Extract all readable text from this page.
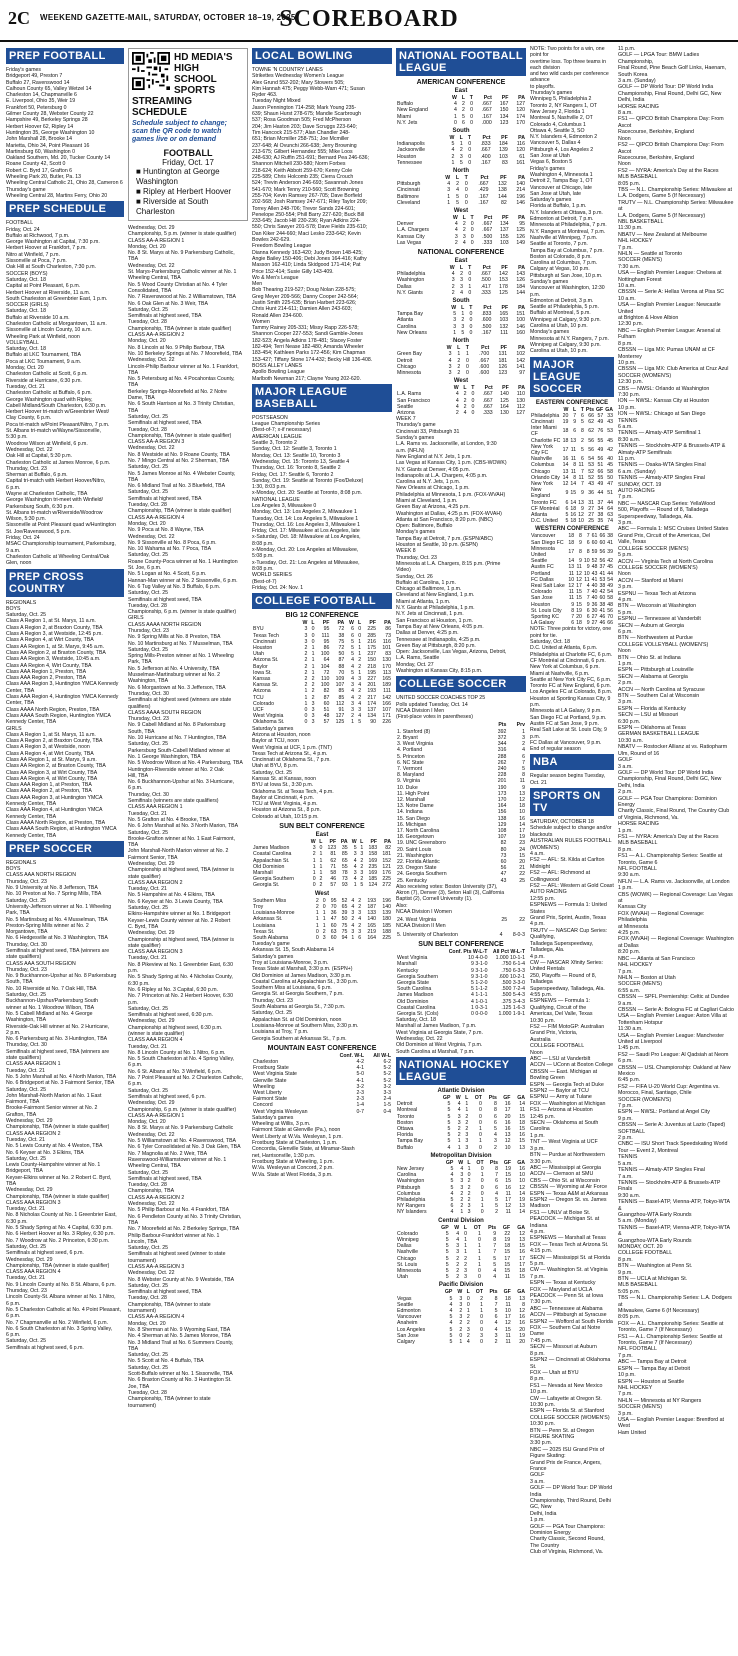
2C WEEKEND GAZETTE-MAIL, SATURDAY, OCTOBER 18–19, 2025
SCOREBOARD
PREP FOOTBALL
Friday's games
Bridgeport 49, Preston 7
Buffalo 27, Ravenswood 14
Calhoun County 65, Valley Wetzel 14
Charleston 14, Chapmanville 6
E. Liverpool, Ohio 35, Weir 19
Frankfort 50, Petersburg 0
Gilmer County 28, Webster County 22
Hampshire 49, Berkeley Springs 28
Herbert Hoover 62, Ripley 14
Huntington 35, George Washington 10
John Marshall 28, Brooke 14
Marietta, Ohio 34, Point Pleasant 16
Martinsburg 60, Washington 0
Oakland Southern, Md. 20, Tucker County 14
Roane County 42, Scott 0
Robert C. Byrd 17, Grafton 6
Wheeling Park 20, Butler, Pa. 13
Wheeling Central Catholic 21, Ohio 28, Cameron 6
Thursday's game
Wheeling Central 28, Martins Ferry, Ohio 20
PREP SCHEDULE
FOOTBALL
Friday, Oct. 24
Buffalo at Richwood, 7 p.m.
George Washington at Capital, 7:30 p.m.
Herbert Hoover at Frankfort, 7 p.m.
Nitro at Winfield, 7 p.m.
Sissonville at Poca, 7 p.m.
Oak Hill at South Charleston, 7:30 p.m.
SOCCER (BOYS)
Saturday, Oct. 18
Capital at Point Pleasant, 6 p.m.
Herbert Hoover at Riverside, 11 a.m.
South Charleston at Greenbrier East, 1 p.m.
SOCCER (GIRLS)
Saturday, Oct. 18
Buffalo at Riverside 10 a.m.
Charleston Catholic at Morgantown, 11 a.m.
Sissonville at Lincoln County, 10 a.m.
Wheeling Park at Winfield, noon
VOLLEYBALL
Saturday, Oct. 18
Buffalo at LKC Tournament, TBA
Poca at LKC Tournament, 9 a.m.
Monday, Oct. 20
Charleston Catholic at Scott, 6 p.m.
Riverside at Hurricane, 6:30 p.m.
Tuesday, Oct. 21
Charleston Catholic at Buffalo, 6 p.m.
George Washington quad with Ripley,
Cabell Midland/South Charleston, 6:30 p.m.
Herbert Hoover tri-match w/Greenbrier West/
Clay County, 6 p.m.
Poca tri-match w/Point Pleasant/Nitro, 7 p.m.
St. Albans tri-match w/Wayne/Sissonville,
5:30 p.m.
Woodrow Wilson at Winfield, 6 p.m.
Wednesday, Oct. 22
Oak Hill at Capital, 5:30 p.m.
Charleston Catholic at James Monroe, 6 p.m.
Thursday, Oct. 23
Sherman at Buffalo, 6 p.m.
Capital tri-match with Herbert Hoover/Nitro,
6 p.m.
Wayne at Charleston Catholic, TBA
George Washington tri-meet with Winfield/
Parkersburg South, 6:30 p.m.
St. Albans tri-match w/Riverside/Woodrow
Wilson, 5:30 p.m.
Sissonville at Point Pleasant quad w/Huntington
St. Joe/Ravenswood, 5 p.m.
Friday, Oct. 24
MSAC Championship tournament, Parkersburg,
9 a.m.
Charleston Catholic at Wheeling Central/Oak
Glen, noon
PREP CROSS COUNTRY
REGIONALS
BOYS
Saturday, Oct. 25
Class A Region 1, at St. Marys, 11 a.m.
Class A Region 2, at Braxton County, TBA
Class A Region 3, at Westside, 12:45 p.m.
Class A Region 4, at Wirt County, TBA
Class AA Region 1, at St. Marys, 9:45 a.m.
Class AA Region 2, at Braxton County, TBA
Class AA Region 3, Westside, 10:45 a.m.
Class AA Region 4, Wirt County, TBA
Class AAA Region 1, Preston, TBA
Class AAA Region 2, Preston, TBA
Class AAA Region 3, Huntington YMCA Kennedy
Center, TBA
Class AAA Region 4, Huntington YMCA Kennedy
Center, TBA
Class AAAA North Region, Preston, TBA
Class AAAA South Region, Huntington YMCA
Kennedy Center, TBA
GIRLS
Class A Region 1, at St. Marys, 11 a.m.
Class A Region 2, at Braxton County, TBA
Class A Region 3, at Westside, noon
Class A Region 4, at Wirt County, TBA
Class AA Region 1, at St. Marys, 9 a.m.
Class AA Region 2, at Braxton County, TBA
Class AA Region 3, at Wirt County, TBA
Class AA Region 4, at Wirt County, TBA
Class AAA Region 1, at Preston, TBA
Class AAA Region 2, at Preston, TBA
Class AAA Region 3, at Huntington YMCA
Kennedy Center, TBA
Class AAA Region 4, at Huntington YMCA
Kennedy Center, TBA
Class AAAA North Region, at Preston, TBA
Class AAAA South Region, at Huntington YMCA
Kennedy Center, TBA
PREP SOCCER
REGIONALS
BOYS
CLASS AAA NORTH REGION
Thursday, Oct. 23
No. 9 University at No. 8 Jefferson, TBA
No. 10 Preston at No. 7 Spring Mills, TBA
Saturday, Oct. 25
University-Jefferson winner at No. 1 Wheeling
Park, TBA
No. 5 Martinsburg at No. 4 Musselman, TBA
Preston-Spring Mills winner at No. 2
Morgantown, TBA
No. 6 Hedgesville at No. 3 Washington, TBA
Thursday, Oct. 30
Semifinals at highest seed, TBA (winners are
state qualifiers)
CLASS AAA SOUTH REGION
Thursday, Oct. 23
No. 9 Buckhannon-Upshur at No. 8 Parkersburg
South, TBA
No. 10 Riverside at No. 7 Oak Hill, TBA
Saturday, Oct. 25
Buckhannon-Upshur/Parkersburg South
winner at No. 1 Woodrow Wilson, TBA
No. 5 Cabell Midland at No. 4 George
Washington, TBA
Riverside-Oak Hill winner at No. 2 Hurricane,
2 p.m.
No. 6 Parkersburg at No. 3 Huntington, TBA
Thursday, Oct. 30
Semifinals at highest seed, TBA (winners are
state qualifiers)
CLASS AAA REGION 1
Tuesday, Oct. 21
No. 5 John Marshall at No. 4 North Marion, TBA
No. 6 Bridgeport at No. 3 Fairmont Senior, TBA
Saturday, Oct. 25
John Marshall-North Marion at No. 1 East
Fairmont, TBA
Brooke-Fairmont Senior winner at No. 2
Grafton, TBA
Wednesday, Oct. 29
Championship, TBA (winner is state qualifier)
CLASS AAA REGION 2
Tuesday, Oct. 21
No. 5 Lewis County at No. 4 Weston, TBA
No. 6 Keyser at No. 3 Elkins, TBA
Saturday, Oct. 25
Lewis County-Hampshire winner at No. 1
Bridgeport, TBA
Keyser-Elkins winner at No. 2 Robert C. Byrd,
TBA
Wednesday, Oct. 29
Championship, TBA (winner is state qualifier)
CLASS AAA REGION 3
Tuesday, Oct. 21
No. 8 Nicholas County at No. 1 Greenbrier East,
6:30 p.m.
No. 5 Shady Spring at No. 4 Capital, 6:30 p.m.
No. 6 Herbert Hoover at No. 3 Ripley, 6:30 p.m.
No. 7 Woodrow at No. 2 Princeton, 6:30 p.m.
Saturday, Oct. 25
Semifinals at highest seed, 6 p.m.
Wednesday, Oct. 29
Championship, TBA (winner is state qualifier)
CLASS AAA REGION 4
Tuesday, Oct. 21
No. 9 Lincoln County at No. 8 St. Albans, 6 p.m.
Thursday, Oct. 23
Lincoln County-St. Albans winner at No. 1 Nitro,
6 p.m.
No. 5 Charleston Catholic at No. 4 Point Pleasant,
6 p.m.
No. 7 Chapmanville at No. 2 Winfield, 6 p.m.
No. 6 South Charleston at No. 3 Spring Valley,
6 p.m.
Saturday, Oct. 25
Semifinals at highest seed, 6 p.m.
HD MEDIA'S HIGH SCHOOL SPORTS STREAMING SCHEDULE
Schedule subject to change; scan the QR code to watch games live or on demand
FOOTBALL
Friday, Oct. 17
■ Huntington at George Washington
■ Ripley at Herbert Hoover
■ Riverside at South Charleston
Wednesday, Oct. 29
Championship, 5 p.m. (winner is state qualifier)
CLASS AA-A REGION 1
Monday, Oct. 20
No. 8 St. Marys at No. 9 Parkersburg Catholic,
TBA
Wednesday, Oct. 22
St. Marys-Parkersburg Catholic winner at No. 1
Wheeling Central, TBA
No. 5 Wood County Christian at No. 4 Tyler
Consolidated, TBA
No. 7 Ravenswood at No. 2 Williamstown, TBA
No. 6 Oak Glen at No. 3 Weir, TBA
Saturday, Oct. 25
Semifinals at highest seed, TBA
Tuesday, Oct. 28
Championship, TBA (winner is state qualifier)
CLASS AA-A REGION 2
Monday, Oct. 20
No. 8 Lincoln at No. 9 Philip Barbour, TBA
No. 10 Berkeley Springs at No. 7 Moorefield, TBA
Wednesday, Oct. 22
Lincoln-Philip Barbour winner at No. 1 Frankfort,
TBA
No. 5 Petersburg at No. 4 Pocahontas County,
TBA
Berkeley Springs-Moorefield at No. 2 Notre
Dame, TBA
No. 6 South Harrison at No. 3 Trinity Christian,
TBA
Saturday, Oct. 25
Semifinals at highest seed, TBA
Tuesday, Oct. 28
Championship, TBA (winner is state qualifier)
CLASS AA-A REGION 3
Wednesday, Oct. 22
No. 8 Westside at No. 9 Roane County, TBA
No. 7 Mingo Central at No. 2 Sherman, TBA
Saturday, Oct. 25
No. 5 James Monroe at No. 4 Webster County,
TBA
No. 6 Midland Trail at No. 3 Bluefield, TBA
Saturday, Oct. 25
Semifinals at highest seed, TBA
Tuesday, Oct. 28
Championship, TBA (winner is state qualifier)
CLASS AA-A REGION 4
Monday, Oct. 20
No. 9 Poca at No. 8 Wayne, TBA
Wednesday, Oct. 22
No. 9 Sissonville at No. 8 Poca, 6 p.m.
No. 10 Wahama at No. 7 Poca, TBA
Saturday, Oct. 25
Roane County-Poca winner at No. 1 Huntington
St. Joe, 6 p.m.
No. 5 Logan at No. 4 Scott, 6 p.m.
Hannan-Man winner at No. 2 Sissonville, 6 p.m.
No. 6 Tug Valley at No. 3 Buffalo, 6 p.m.
Saturday, Oct. 25
Semifinals at highest seed, TBA
Tuesday, Oct. 28
Championship, 6 p.m. (winner is state qualifier)
GIRLS
CLASS AAAA NORTH REGION
Thursday, Oct. 23
No. 9 Spring Mills at No. 8 Preston, TBA
No. 10 Martinsburg at No. 7 Musselman, TBA
Saturday, Oct. 25
Spring Mills-Preston winner at No. 1 Wheeling
Park, TBA
No. 5 Jefferson at No. 4 University, TBA
Musselman-Martinsburg winner at No. 2
Washington, TBA
No. 6 Morgantown at No. 3 Jefferson, TBA
Thursday, Oct. 30
Semifinals at highest seed (winners are state
qualifiers)
CLASS AAAA SOUTH REGION
Thursday, Oct. 23
No. 9 Cabell Midland at No. 8 Parkersburg
South, TBA
No. 10 Hurricane at No. 7 Huntington, TBA
Saturday, Oct. 25
Parkersburg South-Cabell Midland winner at
No. 1 George Washington, TBA
No. 5 Woodrow Wilson at No. 4 Parkersburg, TBA
Huntington-Riverside winner at No. 2 Oak
Hill, TBA
No. 6 Buckhannon-Upshur at No. 3 Hurricane,
6 p.m.
Thursday, Oct. 30
Semifinals (winners are state qualifiers)
CLASS AAA REGION 1
Tuesday, Oct. 21
No. 5 Grafton at No. 4 Brooke, TBA
No. 6 John Marshall at No. 3 North Marion, TBA
Saturday, Oct. 25
Brooke-Grafton winner at No. 1 East Fairmont,
TBA
John Marshall-North Marion winner at No. 2
Fairmont Senior, TBA
Wednesday, Oct. 29
Championship at highest seed, TBA (winner is
state qualifier)
CLASS AAA REGION 2
Tuesday, Oct. 21
No. 5 Hampshire at No. 4 Elkins, TBA
No. 6 Keyser at No. 3 Lewis County, TBA
Saturday, Oct. 25
Elkins-Hampshire winner at No. 1 Bridgeport
Keyser-Lewis County winner at No. 2 Robert
C. Byrd, TBA
Wednesday, Oct. 29
Championship at highest seed, TBA (winner is
state qualifier)
CLASS AAA REGION 3
Tuesday, Oct. 21
No. 8 Pikeview at No. 1 Greenbrier East, 6:30
p.m.
No. 5 Shady Spring at No. 4 Nicholas County,
6:30 p.m.
No. 6 Ripley at No. 3 Capital, 6:30 p.m.
No. 7 Princeton at No. 2 Herbert Hoover, 6:30
p.m.
Saturday, Oct. 25
Semifinals at highest seed, 6:30 p.m.
Wednesday, Oct. 29
Championship at highest seed, 6:30 p.m.
(winner is state qualifier)
CLASS AAA REGION 4
Tuesday, Oct. 21
No. 8 Lincoln County at No. 1 Nitro, 6 p.m.
No. 5 South Charleston at No. 4 Spring Valley,
6 p.m.
No. 6 St. Albans at No. 3 Winfield, 6 p.m.
No. 7 Point Pleasant at No. 2 Charleston Catholic,
6 p.m.
Saturday, Oct. 25
Semifinals at highest seed, 6 p.m.
Wednesday, Oct. 29
Championship, 6 p.m. (winner is state qualifier)
CLASS AA-A REGION 1
Monday, Oct. 20
No. 8 St. Marys at No. 9 Parkersburg Catholic
Wednesday, Oct. 22
No. 5 Williamstown at No. 4 Ravenswood, TBA
No. 6 Tyler Consolidated at No. 3 Oak Glen, TBA
No. 7 Magnolia at No. 2 Weir, TBA
Ravenswood-Williamstown winner at No. 1
Wheeling Central, TBA
Saturday, Oct. 25
Semifinals at highest seed, TBA
Tuesday, Oct. 28
Championship, TBA
CLASS AA-A REGION 2
Wednesday, Oct. 22
No. 5 Philip Barbour at No. 4 Frankfort, TBA
No. 6 Pendleton County at No. 3 Trinity Christian,
TBA
No. 7 Moorefield at No. 2 Berkeley Springs, TBA
Philip Barbour-Frankfort winner at No. 1
Lincoln, TBA
Saturday, Oct. 25
Semifinals at highest seed (winner to state
tournament)
CLASS AA-A REGION 3
Wednesday, Oct. 22
No. 8 Webster County at No. 9 Westside, TBA
Saturday, Oct. 25
Semifinals at highest seed, TBA
Tuesday, Oct. 28
Championship, TBA (winner to state
tournament)
CLASS AA-A REGION 4
Monday, Oct. 20
No. 8 Sherman at No. 9 Wyoming East, TBA
No. 4 Sherman at No. 5 James Monroe, TBA
No. 3 Midland Trail at No. 6 Summers County,
TBA
Saturday, Oct. 25
No. 5 Scott at No. 4 Buffalo, TBA
Saturday, Oct. 25
Scott-Buffalo winner at No. 1 Sissonville, TBA
No. 6 Braxton County at No. 3 Huntington St.
Joe, TBA
Tuesday, Oct. 28
Championship, TBA (winner to state
tournament)
LOCAL BOWLING
TOWNE 'N COUNTRY LANES
Strikettes Wednesday Women's League
Alex Grund 552-202; Mary Stowers 505;
Kim Hannah 475; Peggy Webb-Warn 471; Susan
Ryder 463.
Tuesday Night Mixed
Jason Pennington 714-258; Mark Young 235-
639; Shaun Hurst 278-675; Mandie Scarbrough
537; Rosa Goodman 505; Fred McPherson
204; Jim Haston 203; Dave Scruggs 223-640;
Tim Hancock 215-577; Alan Chandler 248-
651; Brian Mcmiller 258-751; Joe Mcmiller
237-648; Al Ovunchi 266-638; Jerry Browning
213-675; Gilbert Hernandez 555; Mike Loos
248-630; AJ Ruffin 251-691; Bernard Pea 246-636;
Shannon Mitchell 230-580; Norm Forbes
218-624; Keith Abbott 259-670; Kenny Cole
225-589; Chris Holcomb 235; Cierra Crouch
524; Trevin Anderson 246-693; Savannah Jones
541-670; Mark Tenny 210-560; Scott Browning
255-704; Kevin Ramsey 267-705; Dave Borfield
202-568; Josh Ramsey 247-671; Riley Taylor 209;
Torrey Allen 248-706; Trevor Sands 224-601;
Penelope 250-554; Phill Barry 227-620; Buck Bill
233-645; Jacob Hill 230-236; Ryan Adkins 224-
550; Chris Sawyer 201-578; Dave Fields 235-610;
Dan Kiker 244-660; Maci Lesko 233-642; Kevin
Bowles 242-629.
Freedom Bowling League
Dianna Kennedy 163-420; Judy Brown 148-425;
Angie Bailey 150-406; Debi Jones 164-416; Kathy
Masson 162-410; Linda Skidgood 171-414; Pat
Price 152-414; Susie Gilly 143-409.
Wo & Men's League
Men
Bob Thearing 219-527; Doug Nolan 228-575;
Greg Meyer 209-566; Danny Cooper 242-564;
Justin Smith 225-635; Brian Harbert 223-626;
Chris Hunt 214-611; Damien Allen 243-603;
Ronald Allen 234-600.
Women
Tammy Rainey 205-331; Missy Rapp 226-578;
Shannon Cooper 227-553; Sandi Gamble-Jones
182-523; Angela Adkins 178-481; Stacey Foster
182-494; Terri Nease 182-480; Amanda Wheeler
183-454; Kathleen Parks 172-456; Kim Chapman
153-427; Tiffany Stone 174-432; Becky Hill 136-408.
BOSS ALLEY LANES
Apollo Bowling League
Marlboth Newman 217; Clayne Young 202-620.
MAJOR LEAGUE BASEBALL
POSTSEASON
League Championship Series
(Best-of-7; x-if necessary)
AMERICAN LEAGUE
Seattle 3, Toronto 2
Sunday, Oct. 12: Seattle 3, Toronto 1
Monday, Oct. 13: Seattle 10, Toronto 3
Wednesday, Oct. 15: Toronto 13, Seattle 4
Thursday, Oct. 16: Toronto 8, Seattle 2
Friday, Oct. 17: Seattle 6, Toronto 2
Sunday, Oct. 19: Seattle at Toronto (Fox/Deluxe)
1:30, 8:03 p.m.
x-Monday, Oct. 20: Seattle at Toronto, 8:08 p.m.
NATIONAL LEAGUE
Los Angeles 3, Milwaukee 0
Monday, Oct. 13: Los Angeles 2, Milwaukee 1
Tuesday, Oct. 14: Los Angeles 5, Milwaukee 1
Thursday, Oct. 16: Los Angeles 3, Milwaukee 1
Friday, Oct. 17: Milwaukee at Los Angeles, late
x-Saturday, Oct. 18: Milwaukee at Los Angeles,
8:08 p.m.
x-Monday, Oct. 20: Los Angeles at Milwaukee,
5:08 p.m.
x-Tuesday, Oct. 21: Los Angeles at Milwaukee,
8:08 p.m.
WORLD SERIES
(Best-of-7)
Friday, Oct. 24: Nov. 1
COLLEGE FOOTBALL
BIG 12 CONFERENCE
	W	L	PF	PA	W	L	PF	PA
BYU	3	0	95	72	6	0	225	86
Texas Tech	3	0	111	38	6	0	285	73
Cincinnati	3	0	95	75	5	1	216	116
Houston	2	1	86	72	5	1	175	101
Utah	2	1	100	50	5	1	237	83
Arizona St.	2	1	64	87	4	2	150	130
Baylor	2	1	104	88	4	2	218	170
Iowa St.	2	1	72	70	5	1	195	113
Kansas	2	2	110	109	4	3	227	165
Kansas St.	2	2	100	107	3	4	201	189
Arizona	1	2	82	85	4	2	193	111
TCU	1	2	87	85	4	2	217	142
Colorado	1	3	60	112	3	4	174	166
UCF	0	3	51	91	3	3	137	107
West Virginia	0	3	48	127	2	4	134	171
Oklahoma St.	0	3	57	125	1	5	90	226
Saturday's games
Arizona at Houston, noon
Baylor at TCU, noon
West Virginia at UCF, 1 p.m. (TNT)
Texas Tech at Arizona St., 4 p.m.
Cincinnati at Oklahoma St., 7 p.m.
Utah at BYU, 8 p.m.
Saturday, Oct. 25
Kansas St. at Kansas, noon
BYU at Iowa St., 3:30 p.m.
Oklahoma St. at Texas Tech, 4 p.m.
Baylor at Cincinnati, 4 p.m.
TCU at West Virginia, 4 p.m.
Houston at Arizona St., 8 p.m.
Colorado at Utah, 10:15 p.m.
SUN BELT CONFERENCE
East
	W	L	PF	PA	W	L	PF	PA
James Madison	3	0	123	35	5	1	183	82
Coastal Carolina	2	1	81	85	3	3	158	181
Appalachian St.	1	1	62	65	4	2	169	152
Old Dominion	1	1	71	55	4	2	235	121
Marshall	1	1	58	78	3	3	169	176
Georgia Southern	0	2	46	73	4	2	185	225
Georgia St.	0	2	57	93	1	5	124	272
West
Southern Miss	2	0	95	52	4	2	193	196
Troy	2	0	70	65	4	2	187	140
Louisiana-Monroe	1	1	36	39	3	3	133	139
Arkansas St.	1	1	47	50	2	4	140	180
Louisiana	1	1	60	75	4	2	165	185
Texas St.	0	2	63	75	3	3	219	188
South Alabama	0	3	60	94	1	6	164	225
Tuesday's game
Arkansas St. 15, South Alabama 14
Saturday's games
Troy at Louisiana-Monroe, 3 p.m.
Texas State at Marshall, 3:30 p.m. (ESPN+)
Old Dominion at James Madison, 3:30 p.m.
Coastal Carolina at Appalachian St., 3:30 p.m.
Southern Miss at Louisiana, 6 p.m.
Georgia St. at Georgia Southern, 7 p.m.
Thursday, Oct. 23
South Alabama at Georgia St., 7:30 p.m.
Saturday, Oct. 25
Appalachian St. at Old Dominion, noon
Louisiana-Monroe at Southern Miss, 3:30 p.m.
Louisiana at Troy, 7 p.m.
Georgia Southern at Arkansas St., 7 p.m.
MOUNTAIN EAST CONFERENCE
	Conf. W-L	All W-L
Charleston	4-2	6-2
Frostburg State	4-1	5-2
West Virginia State	5-0	5-2
Glenville State	4-1	5-2
Wheeling	3-2	3-2
West Liberty	2-3	3-3
Fairmont State	2-3	2-4
Concord	1-4	1-5
West Virginia Wesleyan	0-7	0-4
Saturday's games
Wheeling at Willis, 3 p.m.
Fairmont State at Glenville (Pa.), noon
West Liberty at W.Va. Wesleyan, 1 p.m.
Frostburg State at Charleston, 1 p.m.
Concordia, Glenville State, at Miramar-Stash
net, Harrisonville, 1:30 p.m.
Frostburg State at Wheeling, 1 p.m.
W.Va. Wesleyan at Concord, 2 p.m.
W.Va. State at West Florida, 3 p.m.
NATIONAL FOOTBALL LEAGUE
AMERICAN CONFERENCE
East
	W	L	T	Pct	PF	PA
Buffalo	4	2	0	.667	167	127
New England	4	2	0	.667	150	120
Miami	1	5	0	.167	134	174
N.Y. Jets	0	6	0	.000	123	170
South
	W	L	T	Pct	PF	PA
Indianapolis	5	1	0	.833	184	116
Jacksonville	4	2	0	.667	139	120
Houston	2	3	0	.400	103	61
Tennessee	1	5	0	.167	83	161
North
	W	L	T	Pct	PF	PA
Pittsburgh	4	2	0	.667	132	140
Cincinnati	3	4	0	.429	138	214
Baltimore	1	5	0	.167	144	196
Cleveland	1	5	0	.167	82	146
West
	W	L	T	Pct	PF	PA
Denver	4	2	0	.667	134	95
L.A. Chargers	4	2	0	.667	137	125
Kansas City	3	3	0	.500	155	126
Las Vegas	2	4	0	.333	103	149
NATIONAL CONFERENCE
East
	W	L	T	Pct	PF	PA
Philadelphia	4	2	0	.667	142	143
Washington	3	3	0	.500	153	126
Dallas	2	3	1	.417	178	184
N.Y. Giants	2	4	0	.333	125	144
South
	W	L	T	Pct	PF	PA
Tampa Bay	5	1	0	.833	165	151
Atlanta	3	2	0	.600	103	100
Carolina	3	3	0	.500	132	146
New Orleans	1	5	0	.167	111	160
North
	W	L	T	Pct	PF	PA
Green Bay	3	1	1	.700	131	102
Detroit	4	2	0	.667	181	142
Chicago	3	2	0	.600	126	141
Minnesota	3	2	0	.600	123	97
West
	W	L	T	Pct	PF	PA
L.A. Rams	4	2	0	.667	140	110
San Francisco	4	2	0	.667	125	130
Seattle	4	2	0	.667	164	112
Arizona	2	4	0	.333	130	127
WEEK 7
Thursday's game
Cincinnati 33, Pittsburgh 31
Sunday's games
L.A. Rams vs. Jacksonville, at London, 9:30
a.m. (NFLN)
New England at N.Y. Jets, 1 p.m.
Las Vegas at Kansas City, 1 p.m. (CBS-WOWK)
N.Y. Giants at Denver, 4:05 p.m.
Indianapolis at L.A. Chargers, 4:05 p.m.
Carolina at N.Y. Jets, 1 p.m.
New Orleans at Chicago, 1 p.m.
Philadelphia at Minnesota, 1 p.m. (FOX-WVAH)
Miami at Cleveland, 1 p.m.
Green Bay at Arizona, 4:25 p.m.
Washington at Dallas, 4:25 p.m. (FOX-WVAH)
Atlanta at San Francisco, 8:20 p.m. (NBC)
Open: Baltimore, Buffalo
Monday's games
Tampa Bay at Detroit, 7 p.m. (ESPN/ABC)
Houston at Seattle, 10 p.m. (ESPN)
WEEK 8
Thursday, Oct. 23
Minnesota at L.A. Chargers, 8:15 p.m. (Prime
Video)
Sunday, Oct. 26
Buffalo at Carolina, 1 p.m.
Chicago at Baltimore, 1 p.m.
Cleveland at New England, 1 p.m.
Miami at Atlanta, 1 p.m.
N.Y. Giants at Philadelphia, 1 p.m.
N.Y. Jets at Cincinnati, 1 p.m.
San Francisco at Houston, 1 p.m.
Tampa Bay at New Orleans, 4:05 p.m.
Dallas at Denver, 4:25 p.m.
Tennessee at Indianapolis, 4:25 p.m.
Green Bay at Pittsburgh, 8:20 p.m.
Open: Jacksonville, Las Vegas, Arizona, Detroit,
L.A. Rams, Seattle
Monday, Oct. 27
Washington at Kansas City, 8:15 p.m.
COLLEGE SOCCER
UNITED SOCCER COACHES TOP 25
Polls updated Tuesday, Oct. 14
NCAA Division I Men
(First-place votes in parentheses)
	Pts	Prv
1. Stanford (8)	392	1
2. Bryant	372	3
3. West Virginia	344	2
4. Portland	316	4
5. Princeton	288	6
6. NC State	262	7
7. Vermont	240	5
8. Maryland	228	8
9. Virginia	201	11
10. Duke	190	9
11. High Point	173	13
12. Marshall	170	12
13. Notre Dame	164	18
14. Indiana	156	10
15. San Diego	138	16
16. Michigan	129	14
17. North Carolina	108	17
18. Georgetown	107	19
19. UNC Greensboro	82	23
20. Saint Louis	80	24
21. Washington	73	15
22. Florida Atlantic	60	20
23. Oregon State	56	21
24. Georgia Southern	47	22
25. Kentucky	43	25
Also receiving votes: Boston University (37),
Akron (7), Denver (3), Seton Hall (3), California
Baptist (2), Cornell University (1).
Also:
NCAA Division I Women
24. West Virginia	25	22
NCAA Division II Men
5. University of Charleston	4	8-0-3
SUN BELT CONFERENCE
	Conf. Pts W-L-T	All Pct W-L-T
West Virginia	10 4-0-0	1.000 10-1-1
Marshall	9 3-1-0	.750 6-1-4
Kentucky	9 3-1-0	.750 6-3-3
Georgia Southern	9 3-1-0	.600 10-2-1
Georgia State	5 1-2-0	.500 3-3-0
South Carolina	5 1-1-2	.500 7-2-4
James Madison	4 1-1-1	.500 5-4-3
Old Dominion	4 1-0-1	.375 3-4-3
Coastal Carolina	1 0-3-1	.125 1-6-3
Georgia St. (Cols)	0 0-0-0	1.000 1-9-1
Saturday, Oct. 18
Marshall at James Madison, 7 p.m.
West Virginia at Georgia State, 7 p.m.
Wednesday, Oct. 22
Old Dominion at West Virginia, 7 p.m.
South Carolina at Marshall, 7 p.m.
NATIONAL HOCKEY LEAGUE
Atlantic Division
	GP	W	L	OT	Pts	GF	GA
Detroit	5	4	1	0	8	16	14
Montreal	5	4	1	0	8	17	11
Toronto	5	3	2	0	6	20	15
Boston	5	3	2	0	6	16	18
Ottawa	5	2	2	1	5	16	15
Florida	5	2	3	0	4	13	16
Tampa Bay	5	1	3	1	3	12	15
Buffalo	4	1	3	0	2	10	13
Metropolitan Division
	GP	W	L	OT	Pts	GF	GA
New Jersey	5	4	1	0	8	19	16
Carolina	4	3	0	1	7	15	10
Washington	5	3	2	0	6	15	10
Pittsburgh	5	3	2	0	6	16	12
Columbus	4	2	2	0	4	11	14
Philadelphia	5	2	2	1	5	17	19
NY Rangers	6	2	3	1	5	12	13
NY Islanders	4	1	3	0	2	11	14
Central Division
	GP	W	L	OT	Pts	GF	GA
Colorado	5	4	0	1	9	22	12
Winnipeg	5	4	1	0	8	19	13
Dallas	5	3	1	1	7	18	15
Nashville	5	3	1	1	7	15	16
Chicago	5	2	2	1	5	17	17
St. Louis	5	2	2	1	5	15	17
Minnesota	5	2	3	0	4	15	18
Utah	5	2	3	0	4	11	15
Pacific Division
	GP	W	L	OT	Pts	GF	GA
Vegas	5	3	0	2	8	18	13
Seattle	4	3	0	1	7	11	8
Edmonton	4	2	1	1	5	10	12
Vancouver	5	3	2	0	6	17	16
Anaheim	4	2	2	0	4	12	16
Los Angeles	5	2	3	0	4	15	20
San Jose	5	0	2	3	3	11	19
Calgary	5	1	4	0	2	11	20
NOTE: Two points for a win, one point for
overtime loss. Top three teams in each division
and two wild cards per conference advance
to playoffs.
Thursday's games
Winnipeg 5, Philadelphia 2
Toronto 2, NY Rangers 1, OT
New Jersey 2, Florida 1
Montreal 5, Nashville 2, OT
Colorado 4, Columbus 1
Ottawa 4, Seattle 3, SO
N.Y. Islanders 4, Edmonton 2
Vancouver 5, Dallas 4
Pittsburgh 4, Los Angeles 2
San Jose at Utah
Vegas 6, Boston 5
Friday's games
Washington 4, Minnesota 1
Detroit 2, Tampa Bay 1, OT
Vancouver at Chicago, late
San Jose at Utah, late
Saturday's games
Florida at Buffalo, 1 p.m.
N.Y. Islanders at Ottawa, 3 p.m.
Edmonton at Detroit, 7 p.m.
Minnesota at Philadelphia, 7 p.m.
N.Y. Rangers at Montreal, 7 p.m.
Nashville at Winnipeg, 7 p.m.
Seattle at Toronto, 7 p.m.
Tampa Bay at Columbus, 7 p.m.
Boston at Colorado, 8 p.m.
Carolina at Columbus, 7 p.m.
Calgary at Vegas, 10 p.m.
Pittsburgh at San Jose, 10 p.m.
Sunday's games
Vancouver at Washington, 12:30 p.m.
Edmonton at Detroit, 3 p.m.
Seattle at Philadelphia, 5 p.m.
Buffalo at Montreal, 5 p.m.
Winnipeg at Calgary, 9:30 p.m.
Carolina at Utah, 10 p.m.
Monday's games
Minnesota at N.Y. Rangers, 7 p.m.
Winnipeg at Calgary, 9:30 p.m.
Carolina at Utah, 10 p.m.
MAJOR LEAGUE SOCCER
EASTERN CONFERENCE
	W	L	T	Pts	GF	GA
Philadelphia	20	7	6	66	57	33
Cincinnati	19	9	5	62	49	43
Inter Miami CF	18	6	8	62	76	53
Charlotte FC	18	13	2	56	55	45
New York City FC	17	11	5	56	49	42
Nashville	16	11	6	54	56	40
Columbus	14	8	11	53	51	45
Chicago	13	11	7	52	66	58
Orlando City	14	8	11	52	55	50
New York	12	14	7	43	49	47
New England	9	15	9	36	44	51
Toronto FC	6	14	13	31	37	44
CF Montréal	6	18	9	27	34	64
Atlanta	5	16	12	27	38	63
D.C. United	5	18	10	25	35	74
WESTERN CONFERENCE
Vancouver	18	8	7	61	66	38
San Diego FC	18	9	6	60	60	41
Minnesota United	17	8	8	59	56	39
Seattle	14	9	10	52	56	42
Austin FC	13	11	9	48	37	45
Portland	11	12	10	43	41	44
FC Dallas	10	12	11	41	53	54
Real Salt Lake	12	17	4	40	38	49
Colorado	11	15	7	40	42	54
San Jose	11	15	7	40	60	58
Houston	9	15	9	36	38	48
St. Louis City	8	19	6	30	41	56
Sporting KC	7	20	6	27	46	70
LA Galaxy	6	18	9	27	46	66
NOTE: Three points for victory, one point for tie.
Saturday, Oct. 18
D.C. United at Atlanta, 6 p.m.
Philadelphia at Charlotte FC, 6 p.m.
CF Montréal at Cincinnati, 6 p.m.
New York at Columbus, 6 p.m.
Miami at Nashville, 6 p.m.
Seattle at New York City FC, 6 p.m.
Toronto FC at New England, 6 p.m.
Los Angeles FC at Colorado, 8 p.m.
Houston at Sporting Kansas City, 9 p.m.
Minnesota at LA Galaxy, 9 p.m.
San Diego FC at Portland, 9 p.m.
Austin FC at San Jose, 9 p.m.
Real Salt Lake at St. Louis City, 9 p.m.
FC Dallas at Vancouver, 9 p.m.
End of regular season
NBA
Regular season begins Tuesday, Oct. 21
SPORTS ON TV
SATURDAY, OCTOBER 18
Schedule subject to change and/or blackouts
AUSTRALIAN RULES FOOTBALL (WOMEN'S)
4 a.m.
FS2 — AFL: St. Kilda at Carlton
Midnight
FS2 — AFL: Richmond at Collingwood
FS2 — AFL: Western at Gold Coast
AUTO RACING
12:55 p.m.
ESPNEWS — Formula 1: United States
Grand Prix, Sprint, Austin, Texas
4 p.m.
TRUTV — NASCAR Cup Series: Qualifying,
Talladega Superspeedway, Talladega, Ala.
4 p.m.
CW — NASCAR Xfinity Series: United Rentals
250, Playoffs — Round of 8, Talladega
Superspeedway, Talladega, Ala.
4:55 p.m.
ESPNEWS — Formula 1: Qualifying, Circuit of the
Americas, Del Valle, Texas
10:30 p.m.
FS2 — FIM MotoGP: Australian Grand Prix, Victoria,
Australia
COLLEGE FOOTBALL
Noon
ABC — LSU at Vanderbilt
ACCN — UConn at Boston College
CBSSN — East. Michigan at Bowling Green
ESPN — Georgia Tech at Duke
ESPN2 — Baylor at TCU
ESPNU — Army at Tulane
FOX — Washington at Michigan
FS1 — Arizona at Houston
12:45 p.m.
SECN — Oklahoma at South Carolina
1 p.m.
TNT — West Virginia at UCF
3 p.m.
BTN — Purdue at Northwestern
3:30 p.m.
ABC — Mississippi at Georgia
ACCN — Clemson at SMU
CBS — Ohio St. at Wisconsin
CBSSN — Wyoming at Air Force
ESPN — Texas A&M at Arkansas
ESPN2 — Oregon St. vs. James Madison
FS1 — UNLV at Boise St.
PEACOCK — Michigan St. at Indiana
4 p.m.
ESPNEWS — Marshall at Texas
FOX — Texas Tech at Arizona St.
4:15 p.m.
SECN — Mississippi St. at Florida
5 p.m.
CW — Washington St. at Virginia
7 p.m.
ESPN — Texas at Kentucky
FOX — Maryland at UCLA
PEACOCK — Penn St. at Iowa
7:30 p.m.
ABC — Tennessee at Alabama
ACCN — Pittsburgh at Syracuse
ESPN2 — Wofford at South Florida
FOX — Southern Cal at Notre Dame
7:45 p.m.
SECN — Missouri at Auburn
8 p.m.
ESPN2 — Cincinnati at Oklahoma St.
FOX — Utah at BYU
8 p.m.
FS1 — Nevada at New Mexico
10 p.m.
CW — Lafayette at Oregon St.
10:30 p.m.
ESPN — Florida St. at Stanford
COLLEGE SOCCER (WOMEN'S)
10:30 p.m.
BTN — Penn St. at Oregon
FIGURE SKATING
3:30 p.m.
NBC — 2025 ISU Grand Prix of Figure Skating:
Grand Prix de France, Angers, France
GOLF
3 a.m.
GOLF — DP World Tour: DP World India
Championship, Third Round, Delhi GC, New
Delhi, India
1 p.m.
GOLF — PGA Tour Champions: Dominion Energy
Charity Classic, Second Round, The Country
Club of Virginia, Richmond, Va.
11 p.m.
GOLF — LPGA Tour: BMW Ladies Championship,
Final Round, Pine Beach Golf Links, Haenam,
South Korea
3 a.m. (Sunday)
GOLF — DP World Tour: DP World India
Championship, Final Round, Delhi GC, New
Delhi, India
HORSE RACING
8 a.m.
FS1 — QIPCO British Champions Day: From Ascot
Racecourse, Berkshire, England
Noon
FS2 — QIPCO British Champions Day: From Ascot
Racecourse, Berkshire, England
Noon
FS2 — NYRA: America's Day at the Races
MLB BASEBALL
8:05 p.m.
TBS — N.L. Championship Series: Milwaukee at
L.A. Dodgers, Game 5 (If Necessary)
TRUTV — N.L. Championship Series: Milwaukee at
L.A. Dodgers, Game 5 (If Necessary)
NBL BASKETBALL
11:30 p.m.
NBATV — New Zealand at Melbourne
NHL HOCKEY
7 p.m.
NHLN — Seattle at Toronto
SOCCER (MEN'S)
7:30 a.m.
USA — English Premier League: Chelsea at
Nottingham Forest
10 a.m.
CBSSN — Serie A: Hellas Verona at Pisa SC
10 a.m.
USA — English Premier League: Newcastle United
at Brighton & Hove Albion
12:30 p.m.
NBC — English Premier League: Arsenal at Fulham
8 p.m.
CBSSN — Liga MX: Pumas UNAM at CF Monterrey
10 p.m.
CBSSN — Liga MX: Club America at Cruz Azul
SOCCER (WOMEN'S)
12:30 p.m.
CBS — NWSL: Orlando at Washington
7:30 p.m.
ION — NWSL: Kansas City at Houston
10 p.m.
ION — NWSL: Chicago at San Diego
TENNIS
6 a.m.
TENNIS — Almaty-ATP Semifinal 1
8:30 a.m.
TENNIS — Stockholm-ATP & Brussels-ATP &
Almaty-ATP Semifinals
11 p.m.
TENNIS — Osaka-WTA Singles Final
6 a.m. (Sunday)
TENNIS — Almaty-ATP Singles Final
SUNDAY, OCT. 19
AUTO RACING
7 p.m.
NBC — NASCAR Cup Series: YellaWood
500, Playoffs — Round of 8, Talladega
Superspeedway, Talladega, Ala.
3 p.m.
ABC — Formula 1: MSC Cruises United States
Grand Prix, Circuit of the Americas, Del
Valle, Texas
COLLEGE SOCCER (MEN'S)
5 p.m.
ACCN — Virginia Tech at North Carolina
COLLEGE SOCCER (WOMEN'S)
Noon
ACCN — Stanford at Miami
3 p.m.
ESPNU — Texas Tech at Arizona
4 p.m.
BTN — Wisconsin at Washington
5 p.m.
ESPNU — Tennessee at Vanderbilt
SECN — Auburn at Georgia
6 p.m.
BTN — Northwestern at Purdue
COLLEGE VOLLEYBALL (WOMEN'S)
Noon
BTN — Ohio St. at Indiana
1 p.m.
ESPN — Pittsburgh at Louisville
SECN — Alabama at Georgia
2 p.m.
ACCN — North Carolina at Syracuse
BTN — Southern Cal at Wisconsin
3 p.m.
ESPN — Florida at Kentucky
SECN — LSU at Missouri
6:30 p.m.
ESPN — Oklahoma at Texas
GERMAN BASKETBALL LEAGUE
10:30 a.m.
NBATV — Rostocker Allianz at vs. Ratiopharm
Ulm, Round of 16
GOLF
3 a.m.
GOLF — DP World Tour: DP World India
Championship, Final Round, Delhi GC, New
Delhi, India
2 p.m.
GOLF — PGA Tour Champions: Dominion Energy
Charity Classic, Final Round, The Country Club
of Virginia, Richmond, Va.
HORSE RACING
1 p.m.
FS1 — NYRA: America's Day at the Races
MLB BASEBALL
8 p.m.
FS1 — A.L. Championship Series: Seattle at
Toronto, Game 6
NFL FOOTBALL
9:30 a.m.
NFLN — L.A. Rams vs. Jacksonville, at London
1 p.m.
CBS (WOWK) — Regional Coverage: Las Vegas at
Kansas City
FOX (WVAH) — Regional Coverage: Philadelphia
at Minnesota
4:25 p.m.
FOX (WVAH) — Regional Coverage: Washington
at Dallas
8:20 p.m.
NBC — Atlanta at San Francisco
NHL HOCKEY
7 p.m.
NHLN — Boston at Utah
SOCCER (MEN'S)
6:55 a.m.
CBSSN — SPFL Premiership: Celtic at Dundee
9 a.m.
CBSSN — Serie A: Bologna FC at Cagliari Calcio
USA — English Premier League: Aston Villa at
Tottenham Hotspur
11:30 a.m.
USA — English Premier League: Manchester
United at Liverpool
1:45 p.m.
FS2 — Saudi Pro League: Al Qadsiah at Neom
6 p.m.
CBSSN — USL Championship: Oakland at New
Mexico
6:45 p.m.
FS2 — FIFA U-20 World Cup: Argentina vs.
Morocco, Final, Santiago, Chile
SOCCER (WOMEN'S)
7 p.m.
ESPN — NWSL: Portland at Angel City
9 p.m.
CBSSN — Serie A: Juventus at Lazio (Taped)
SOFTBALL
2 p.m.
CNBC — ISU Short Track Speedskating World
Tour — Event 2, Montreal
TENNIS
5 a.m.
TENNIS — Almaty-ATP Singles Final
7 a.m.
TENNIS — Stockholm-ATP & Brussels-ATP Finals
9:30 a.m.
TENNIS — Basel-ATP, Vienna-ATP, Tokyo-WTA &
Guangzhou-WTA Early Rounds
5 a.m. (Monday)
TENNIS — Basel-ATP, Vienna-ATP, Tokyo-WTA &
Guangzhou-WTA Early Rounds
MONDAY, OCT. 20
COLLEGE FOOTBALL
8 p.m.
BTN — Washington at Penn St.
9 p.m.
BTN — UCLA at Michigan St.
MLB BASEBALL
5:05 p.m.
TBS — N.L. Championship Series: L.A. Dodgers at
Milwaukee, Game 6 (If Necessary)
8:05 p.m.
FOX — A.L. Championship Series: Seattle at
Toronto, Game 7 (If Necessary)
FS1 — A.L. Championship Series: Seattle at
Toronto, Game 7 (If Necessary)
NFL FOOTBALL
7 p.m.
ABC — Tampa Bay at Detroit
ESPN — Tampa Bay at Detroit
10 p.m.
ESPN — Houston at Seattle
NHL HOCKEY
7 p.m.
NHLN — Minnesota at NY Rangers
SOCCER (MEN'S)
3 p.m.
USA — English Premier League: Brentford at West
Ham United
